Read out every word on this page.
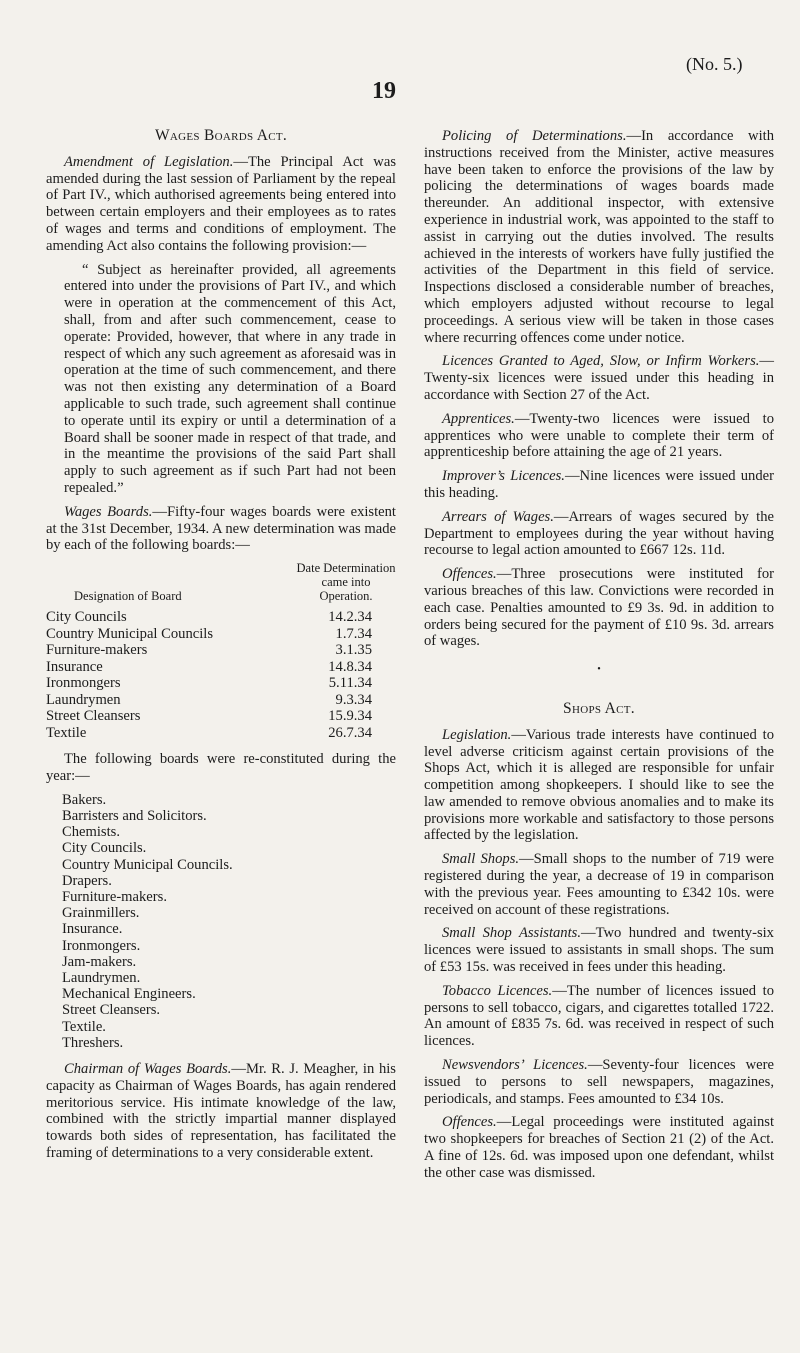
19
(No. 5.)
Wages Boards Act.

Amendment of Legislation.—The Principal Act was amended during the last session of Parliament by the repeal of Part IV., which authorised agreements being entered into between certain employers and their employees as to rates of wages and terms and conditions of employment. The amending Act also contains the following provision:—

“ Subject as hereinafter provided, all agreements entered into under the provisions of Part IV., and which were in operation at the commencement of this Act, shall, from and after such commencement, cease to operate: Provided, however, that where in any trade in respect of which any such agreement as aforesaid was in operation at the time of such commencement, and there was not then existing any determination of a Board applicable to such trade, such agreement shall continue to operate until its expiry or until a determination of a Board shall be sooner made in respect of that trade, and in the meantime the provisions of the said Part shall apply to such agreement as if such Part had not been repealed.”

Wages Boards.—Fifty-four wages boards were existent at the 31st December, 1934. A new determination was made by each of the following boards:—

Designation of Board	Date Determination came into Operation.
City Councils	14.2.34
Country Municipal Councils	1.7.34
Furniture-makers	3.1.35
Insurance	14.8.34
Ironmongers	5.11.34
Laundrymen	9.3.34
Street Cleansers	15.9.34
Textile	26.7.34

The following boards were re-constituted during the year:—

Bakers.
Barristers and Solicitors.
Chemists.
City Councils.
Country Municipal Councils.
Drapers.
Furniture-makers.
Grainmillers.
Insurance.
Ironmongers.
Jam-makers.
Laundrymen.
Mechanical Engineers.
Street Cleansers.
Textile.
Threshers.

Chairman of Wages Boards.—Mr. R. J. Meagher, in his capacity as Chairman of Wages Boards, has again rendered meritorious service. His intimate knowledge of the law, combined with the strictly impartial manner displayed towards both sides of representation, has facilitated the framing of determinations to a very considerable extent.

Policing of Determinations.—In accordance with instructions received from the Minister, active measures have been taken to enforce the provisions of the law by policing the determinations of wages boards made thereunder. An additional inspector, with extensive experience in industrial work, was appointed to the staff to assist in carrying out the duties involved. The results achieved in the interests of workers have fully justified the activities of the Department in this field of service. Inspections disclosed a considerable number of breaches, which employers adjusted without recourse to legal proceedings. A serious view will be taken in those cases where recurring offences come under notice.

Licences Granted to Aged, Slow, or Infirm Workers.—Twenty-six licences were issued under this heading in accordance with Section 27 of the Act.

Apprentices.—Twenty-two licences were issued to apprentices who were unable to complete their term of apprenticeship before attaining the age of 21 years.

Improver’s Licences.—Nine licences were issued under this heading.

Arrears of Wages.—Arrears of wages secured by the Department to employees during the year without having recourse to legal action amounted to £667 12s. 11d.

Offences.—Three prosecutions were instituted for various breaches of this law. Convictions were recorded in each case. Penalties amounted to £9 3s. 9d. in addition to orders being secured for the payment of £10 9s. 3d. arrears of wages.

•
Shops Act.

Legislation.—Various trade interests have continued to level adverse criticism against certain provisions of the Shops Act, which it is alleged are responsible for unfair competition among shopkeepers. I should like to see the law amended to remove obvious anomalies and to make its provisions more workable and satisfactory to those persons affected by the legislation.

Small Shops.—Small shops to the number of 719 were registered during the year, a decrease of 19 in comparison with the previous year. Fees amounting to £342 10s. were received on account of these registrations.

Small Shop Assistants.—Two hundred and twenty-six licences were issued to assistants in small shops. The sum of £53 15s. was received in fees under this heading.

Tobacco Licences.—The number of licences issued to persons to sell tobacco, cigars, and cigarettes totalled 1722. An amount of £835 7s. 6d. was received in respect of such licences.

Newsvendors’ Licences.—Seventy-four licences were issued to persons to sell newspapers, magazines, periodicals, and stamps. Fees amounted to £34 10s.

Offences.—Legal proceedings were instituted against two shopkeepers for breaches of Section 21 (2) of the Act. A fine of 12s. 6d. was imposed upon one defendant, whilst the other case was dismissed.
